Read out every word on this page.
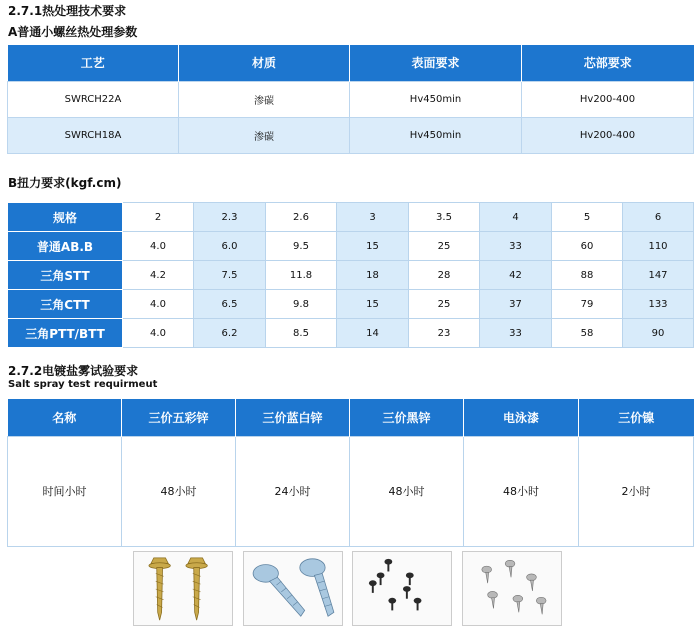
2.7.1热处理技术要求
A普通小螺丝热处理参数
工艺	材质	表面要求	芯部要求
SWRCH22A	渗碳	Hv450min	Hv200-400
SWRCH18A	渗碳	Hv450min	Hv200-400
B扭力要求(kgf.cm)
规格	2	2.3	2.6	3	3.5	4	5	6
普通AB.B	4.0	6.0	9.5	15	25	33	60	110
三角STT	4.2	7.5	11.8	18	28	42	88	147
三角CTT	4.0	6.5	9.8	15	25	37	79	133
三角PTT/BTT	4.0	6.2	8.5	14	23	33	58	90
2.7.2电镀盐雾试验要求
Salt spray test requirmeut
名称	三价五彩锌	三价蓝白锌	三价黑锌	电泳漆	三价镍
时间小时	48小时	24小时	48小时	48小时	2小时
